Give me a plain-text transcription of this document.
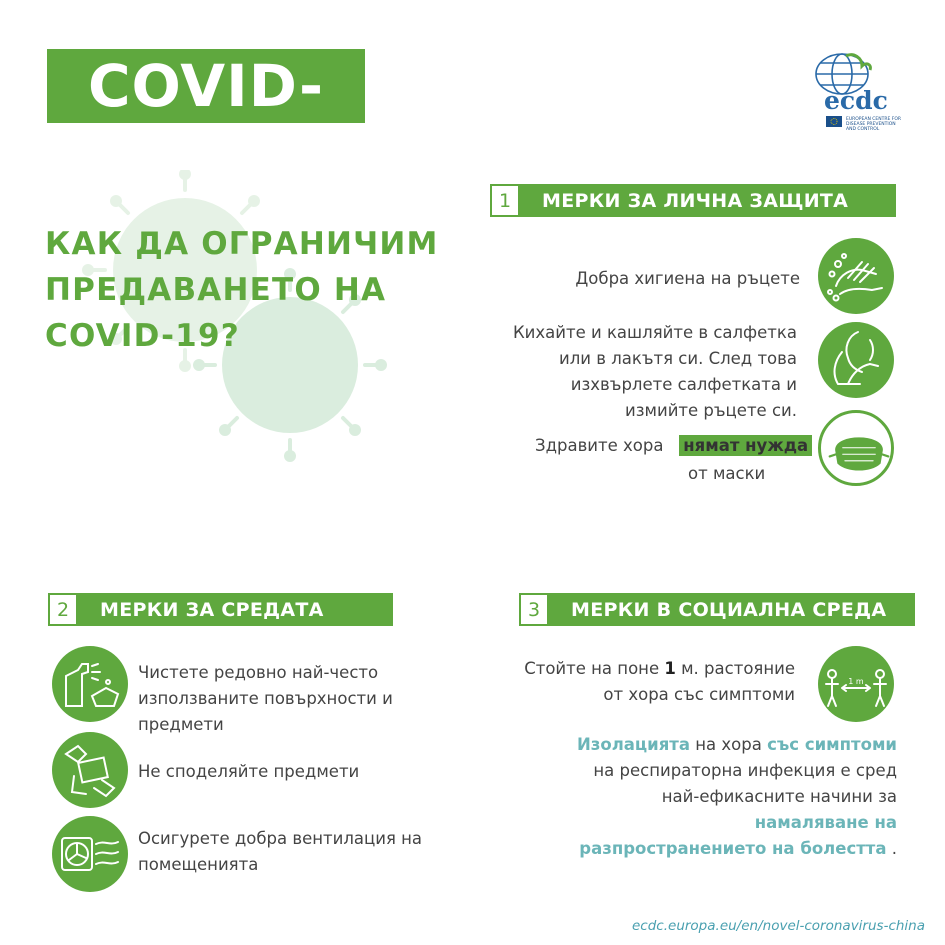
COVID-19
ecdc
EUROPEAN CENTRE FOR DISEASE PREVENTION AND CONTROL
КАК ДА ОГРАНИЧИМ
ПРЕДАВАНЕТО НА
COVID-19?
1	МЕРКИ ЗА ЛИЧНА ЗАЩИТА
Добра хигиена на ръцете
Кихайте и кашляйте в салфетка
или в лакътя си. След това
изхвърлете салфетката и
измийте ръцете си.
Здравите хора нямат нужда
от маски
2	МЕРКИ ЗА СРЕДАТА
Чистете редовно най-често
използваните повърхности и
предмети
Не споделяйте предмети
Осигурете добра вентилация на
помещенията
3	МЕРКИ В СОЦИАЛНА СРЕДА
Стойте на поне 1 м. растояние
от хора със симптоми
1 m
Изолацията на хора със симптоми
на респираторна инфекция е сред
най-ефикасните начини за
намаляване на
разпространението на болестта .
ecdc.europa.eu/en/novel-coronavirus-china
